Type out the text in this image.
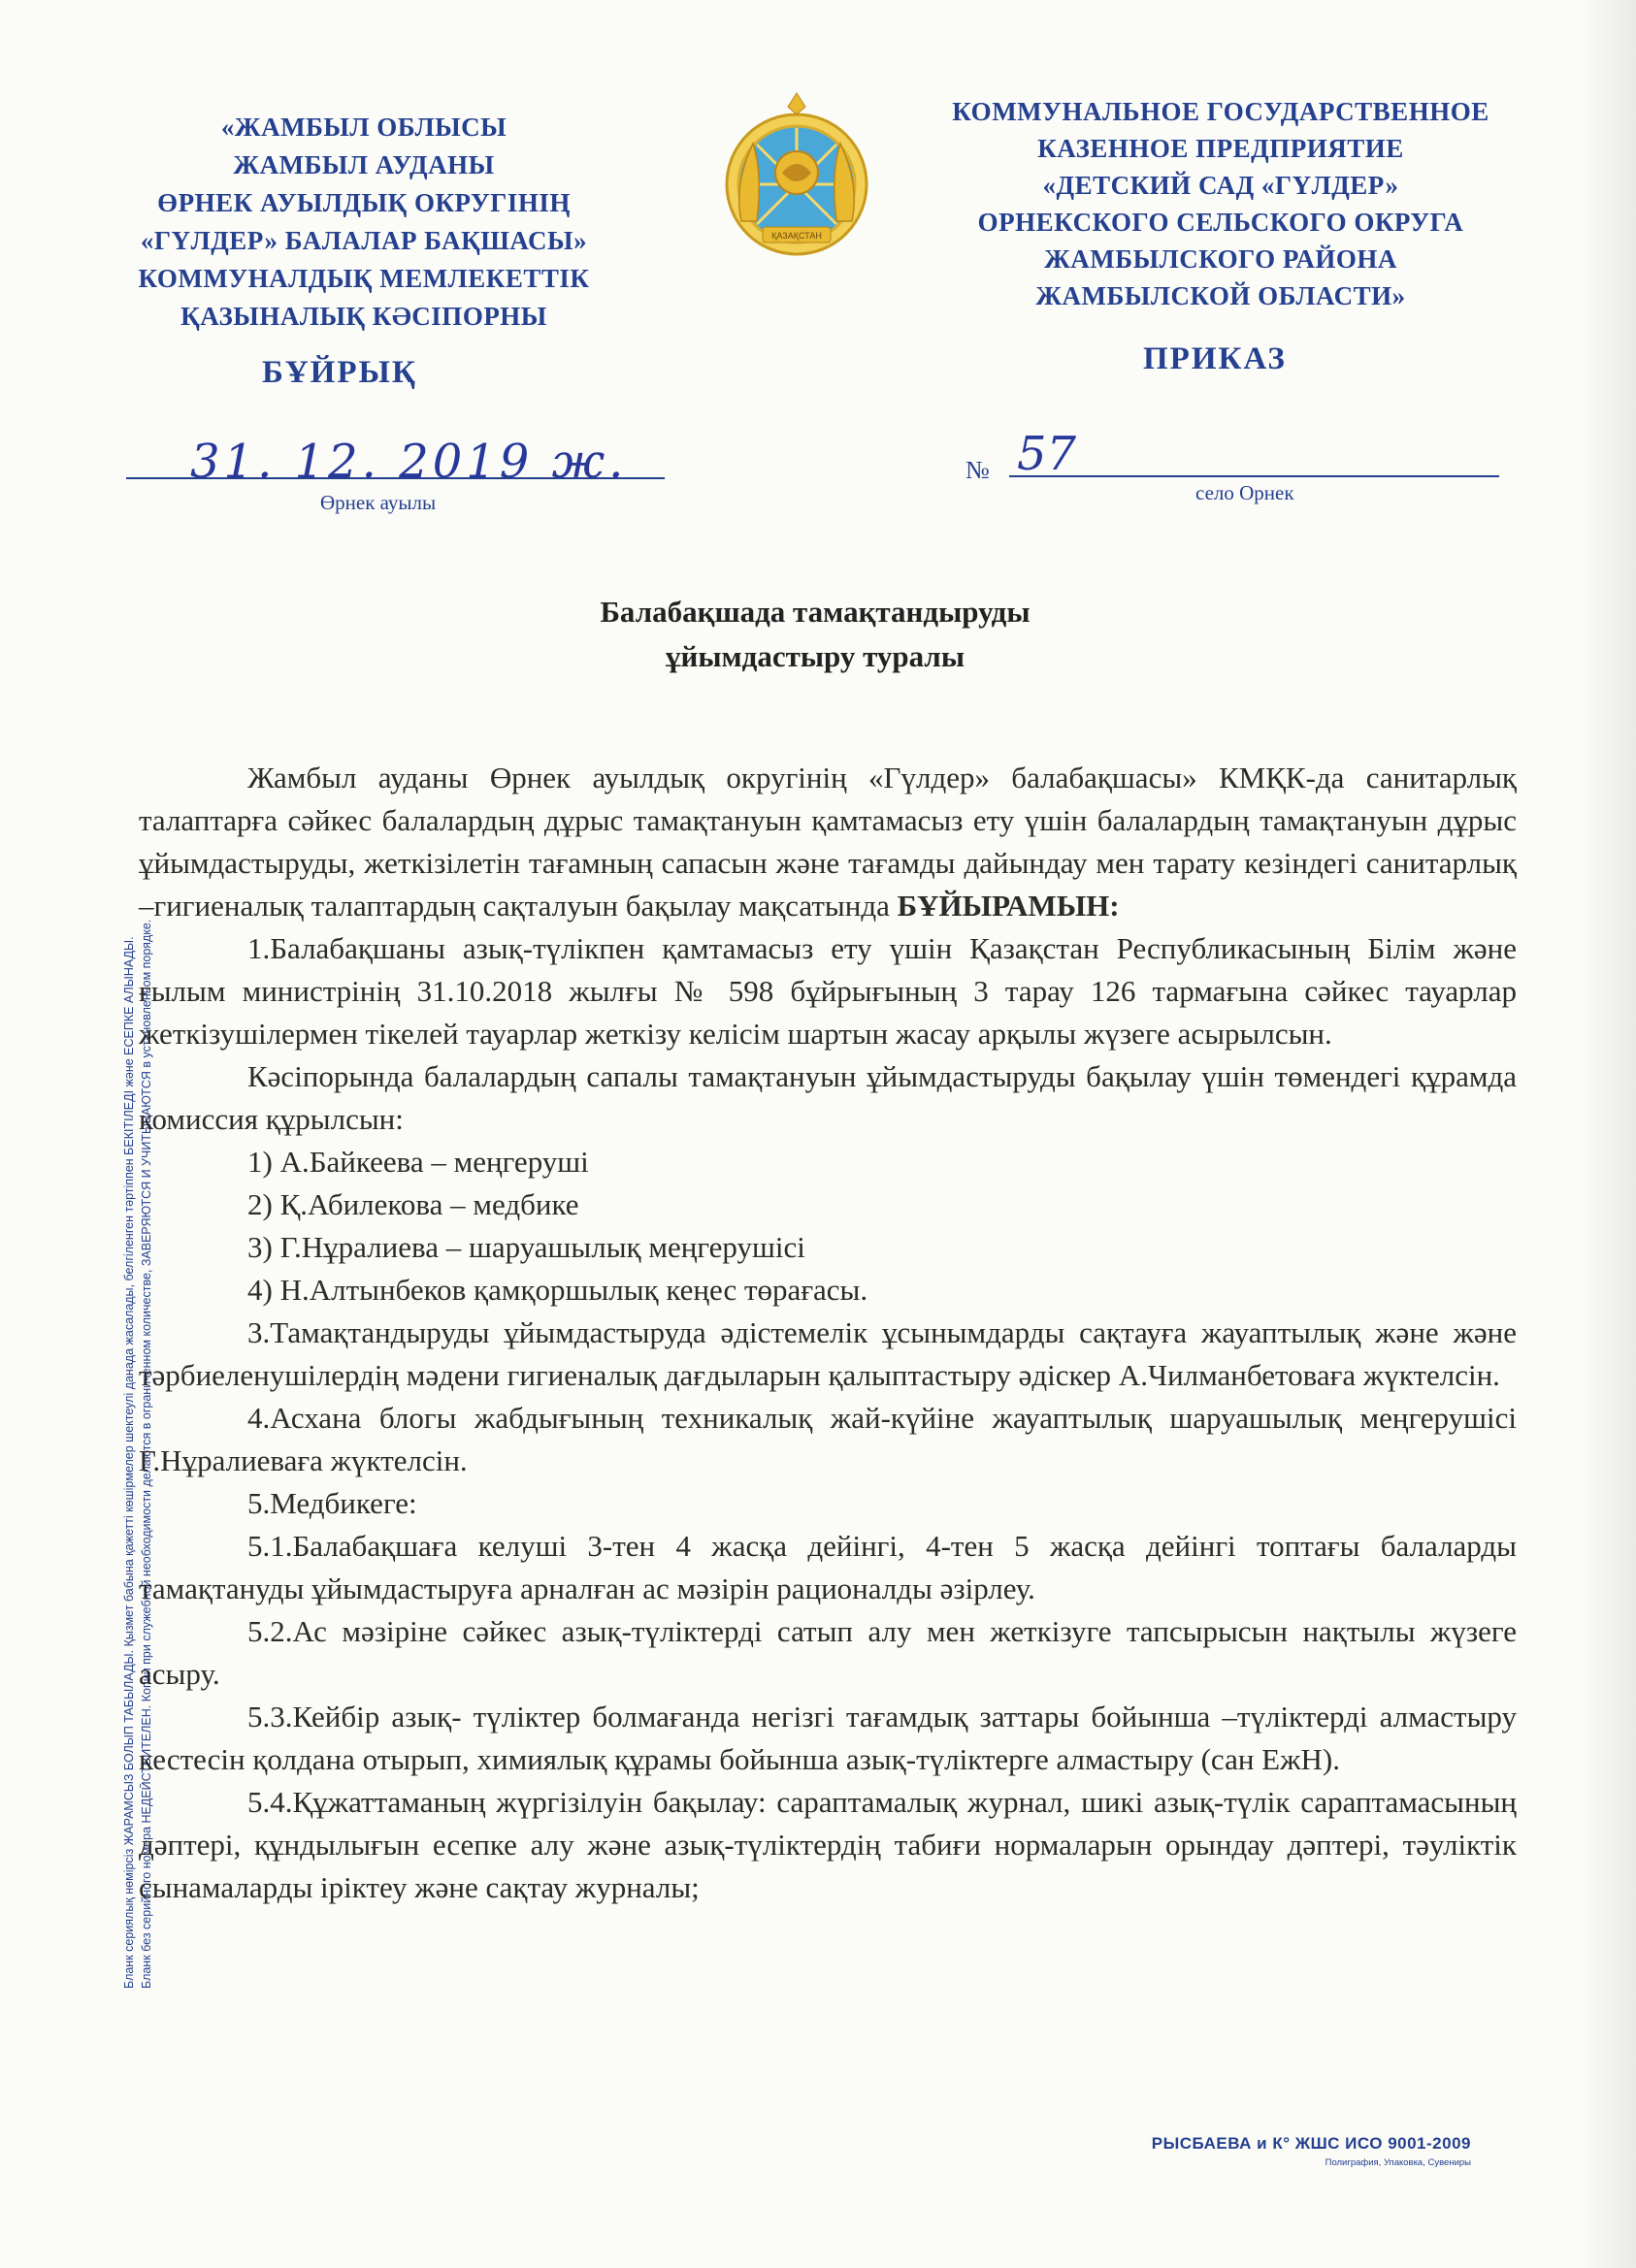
«ЖАМБЫЛ ОБЛЫСЫ
ЖАМБЫЛ АУДАНЫ
ӨРНЕК АУЫЛДЫҚ ОКРУГІНІҢ
«ГҮЛДЕР» БАЛАЛАР БАҚШАСЫ»
КОММУНАЛДЫҚ МЕМЛЕКЕТТІК
ҚАЗЫНАЛЫҚ КӘСІПОРНЫ
КОММУНАЛЬНОЕ ГОСУДАРСТВЕННОЕ
КАЗЕННОЕ ПРЕДПРИЯТИЕ
«ДЕТСКИЙ САД «ГҮЛДЕР»
ОРНЕКСКОГО СЕЛЬСКОГО ОКРУГА
ЖАМБЫЛСКОГО РАЙОНА
ЖАМБЫЛСКОЙ ОБЛАСТИ»
ҚАЗАҚСТАН
БҰЙРЫҚ	ПРИКАЗ
31. 12. 2019 ж.
Өрнек ауылы
№ 57
село Орнек
Балабақшада тамақтандыруды
ұйымдастыру туралы
Бланк сериялық нөмірсіз ЖАРАМСЫЗ БОЛЫП ТАБЫЛАДЫ. Қызмет бабына қажетті көшірмелер шектеулі данада жасалады, белгіленген тәртіппен БЕКІТІЛЕДІ және ЕСЕПКЕ АЛЫНАДЫ. Бланк без серийного номера НЕДЕЙСТВИТЕЛЕН. Копии при служебной необходимости делаются в ограниченном количестве, ЗАВЕРЯЮТСЯ И УЧИТЫВАЮТСЯ в установленном порядке.

Жамбыл ауданы Өрнек ауылдық округінің «Гүлдер» балабақшасы» КМҚК-да санитарлық талаптарға сәйкес балалардың дұрыс тамақтануын қамтамасыз ету үшін балалардың тамақтануын дұрыс ұйымдастыруды, жеткізілетін тағамның сапасын және тағамды дайындау мен тарату кезіндегі санитарлық –гигиеналық талаптардың сақталуын бақылау мақсатында БҰЙЫРАМЫН:

1.Балабақшаны азық-түлікпен қамтамасыз ету үшін Қазақстан Республикасының Білім және ғылым министрінің 31.10.2018 жылғы № 598 бұйрығының 3 тарау 126 тармағына сәйкес тауарлар жеткізушілермен тікелей тауарлар жеткізу келісім шартын жасау арқылы жүзеге асырылсын.

Кәсіпорында балалардың сапалы тамақтануын ұйымдастыруды бақылау үшін төмендегі құрамда комиссия құрылсын:

1) А.Байкеева – меңгеруші

2) Қ.Абилекова – медбике

3) Г.Нұралиева – шаруашылық меңгерушісі

4) Н.Алтынбеков қамқоршылық кеңес төрағасы.

3.Тамақтандыруды ұйымдастыруда әдістемелік ұсынымдарды сақтауға жауаптылық және және тәрбиеленушілердің мәдени гигиеналық дағдыларын қалыптастыру әдіскер А.Чилманбетоваға жүктелсін.

4.Асхана блогы жабдығының техникалық жай-күйіне жауаптылық шаруашылық меңгерушісі Г.Нұралиеваға жүктелсін.

5.Медбикеге:

5.1.Балабақшаға келуші 3-тен 4 жасқа дейінгі, 4-тен 5 жасқа дейінгі топтағы балаларды тамақтануды ұйымдастыруға арналған ас мәзірін рационалды әзірлеу.

5.2.Ас мәзіріне сәйкес азық-түліктерді сатып алу мен жеткізуге тапсырысын нақтылы жүзеге асыру.

5.3.Кейбір азық- түліктер болмағанда негізгі тағамдық заттары бойынша –түліктерді алмастыру кестесін қолдана отырып, химиялық құрамы бойынша азық-түліктерге алмастыру (сан ЕжН).

5.4.Құжаттаманың жүргізілуін бақылау: сараптамалық журнал, шикі азық-түлік сараптамасының дәптері, құндылығын есепке алу және азық-түліктердің табиғи нормаларын орындау дәптері, тәуліктік сынамаларды іріктеу және сақтау журналы;

РЫСБАЕВА и К° ЖШС ИСО 9001-2009
Полиграфия, Упаковка, Сувениры
